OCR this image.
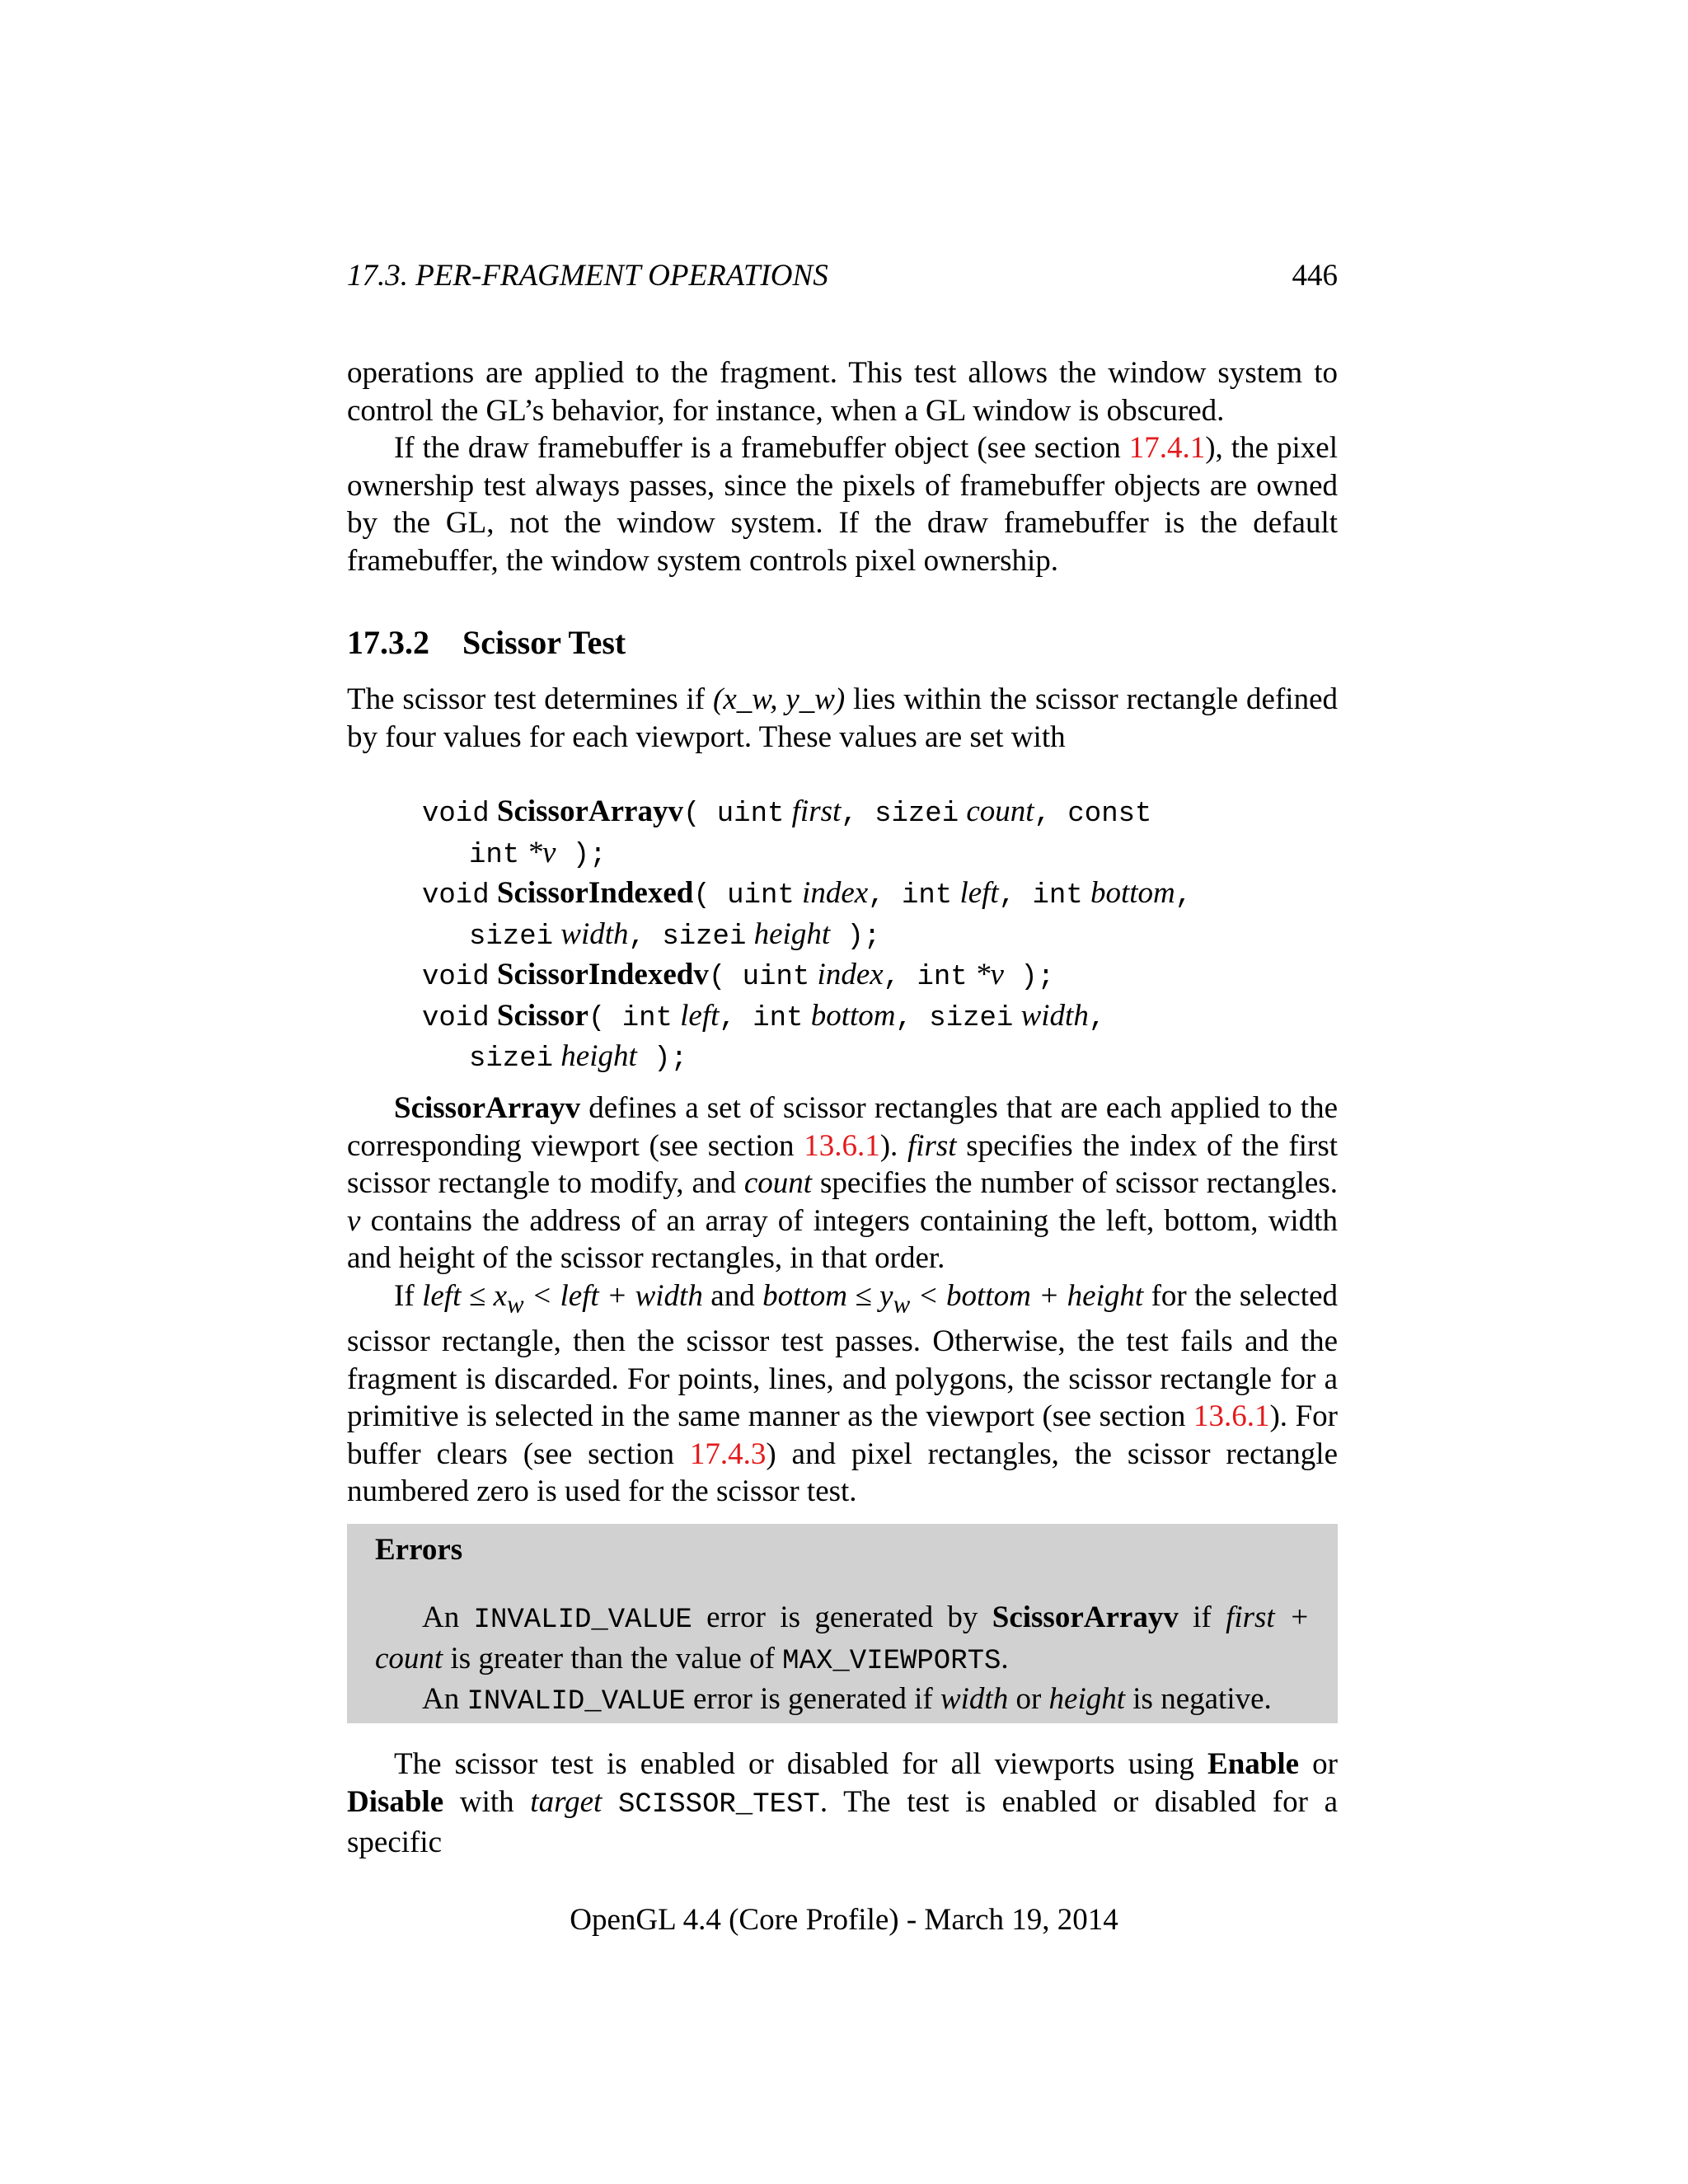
17.3. PER-FRAGMENT OPERATIONS	446

operations are applied to the fragment. This test allows the window system to control the GL’s behavior, for instance, when a GL window is obscured.

If the draw framebuffer is a framebuffer object (see section 17.4.1), the pixel ownership test always passes, since the pixels of framebuffer objects are owned by the GL, not the window system. If the draw framebuffer is the default framebuffer, the window system controls pixel ownership.

17.3.2 Scissor Test

The scissor test determines if (x_w, y_w) lies within the scissor rectangle defined by four values for each viewport. These values are set with

void ScissorArrayv( uint first, sizei count, const
int *v );
void ScissorIndexed( uint index, int left, int bottom,
sizei width, sizei height );
void ScissorIndexedv( uint index, int *v );
void Scissor( int left, int bottom, sizei width,
sizei height );

ScissorArrayv defines a set of scissor rectangles that are each applied to the corresponding viewport (see section 13.6.1). first specifies the index of the first scissor rectangle to modify, and count specifies the number of scissor rectangles. v contains the address of an array of integers containing the left, bottom, width and height of the scissor rectangles, in that order.

If left ≤ $x_w$ < left + width and bottom ≤ $y_w$ < bottom + height for the selected scissor rectangle, then the scissor test passes. Otherwise, the test fails and the fragment is discarded. For points, lines, and polygons, the scissor rectangle for a primitive is selected in the same manner as the viewport (see section 13.6.1). For buffer clears (see section 17.4.3) and pixel rectangles, the scissor rectangle numbered zero is used for the scissor test.

Errors

An INVALID_VALUE error is generated by ScissorArrayv if first + count is greater than the value of MAX_VIEWPORTS.

An INVALID_VALUE error is generated if width or height is negative.

The scissor test is enabled or disabled for all viewports using Enable or Disable with target SCISSOR_TEST. The test is enabled or disabled for a specific

OpenGL 4.4 (Core Profile) - March 19, 2014
